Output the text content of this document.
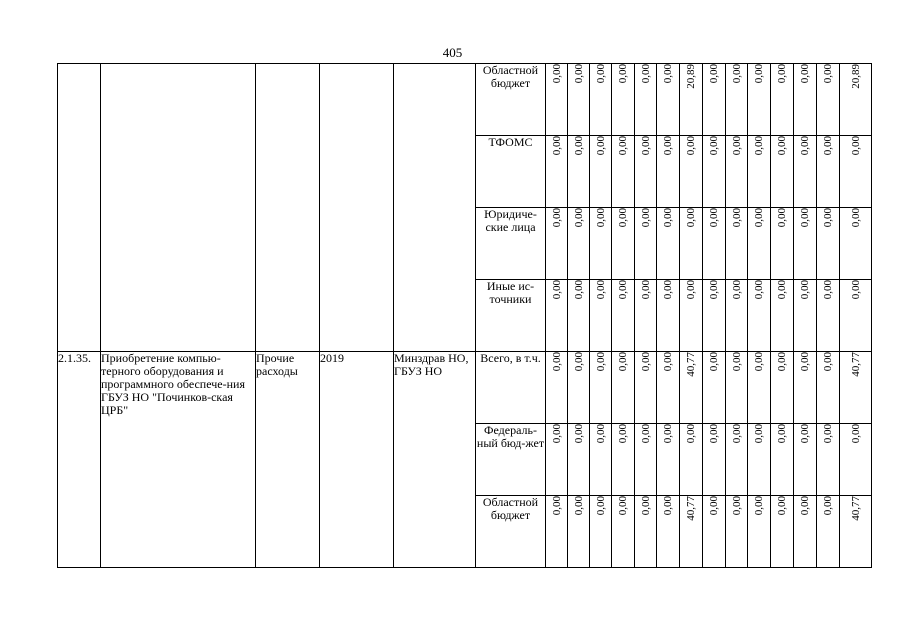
405
					Областной бюджет	0,00	0,00	0,00	0,00	0,00	0,00	20,89	0,00	0,00	0,00	0,00	0,00	0,00	20,89
					ТФОМС	0,00	0,00	0,00	0,00	0,00	0,00	0,00	0,00	0,00	0,00	0,00	0,00	0,00	0,00
					Юридиче-ские лица	0,00	0,00	0,00	0,00	0,00	0,00	0,00	0,00	0,00	0,00	0,00	0,00	0,00	0,00
					Иные ис-точники	0,00	0,00	0,00	0,00	0,00	0,00	0,00	0,00	0,00	0,00	0,00	0,00	0,00	0,00
2.1.35.	Приобретение компью-терного оборудования и программного обеспече-ния ГБУЗ НО "Починков-ская ЦРБ"	Прочие расходы	2019	Минздрав НО, ГБУЗ НО	Всего, в т.ч.	0,00	0,00	0,00	0,00	0,00	0,00	40,77	0,00	0,00	0,00	0,00	0,00	0,00	40,77
					Федераль-ный бюд-жет	0,00	0,00	0,00	0,00	0,00	0,00	0,00	0,00	0,00	0,00	0,00	0,00	0,00	0,00
					Областной бюджет	0,00	0,00	0,00	0,00	0,00	0,00	40,77	0,00	0,00	0,00	0,00	0,00	0,00	40,77
